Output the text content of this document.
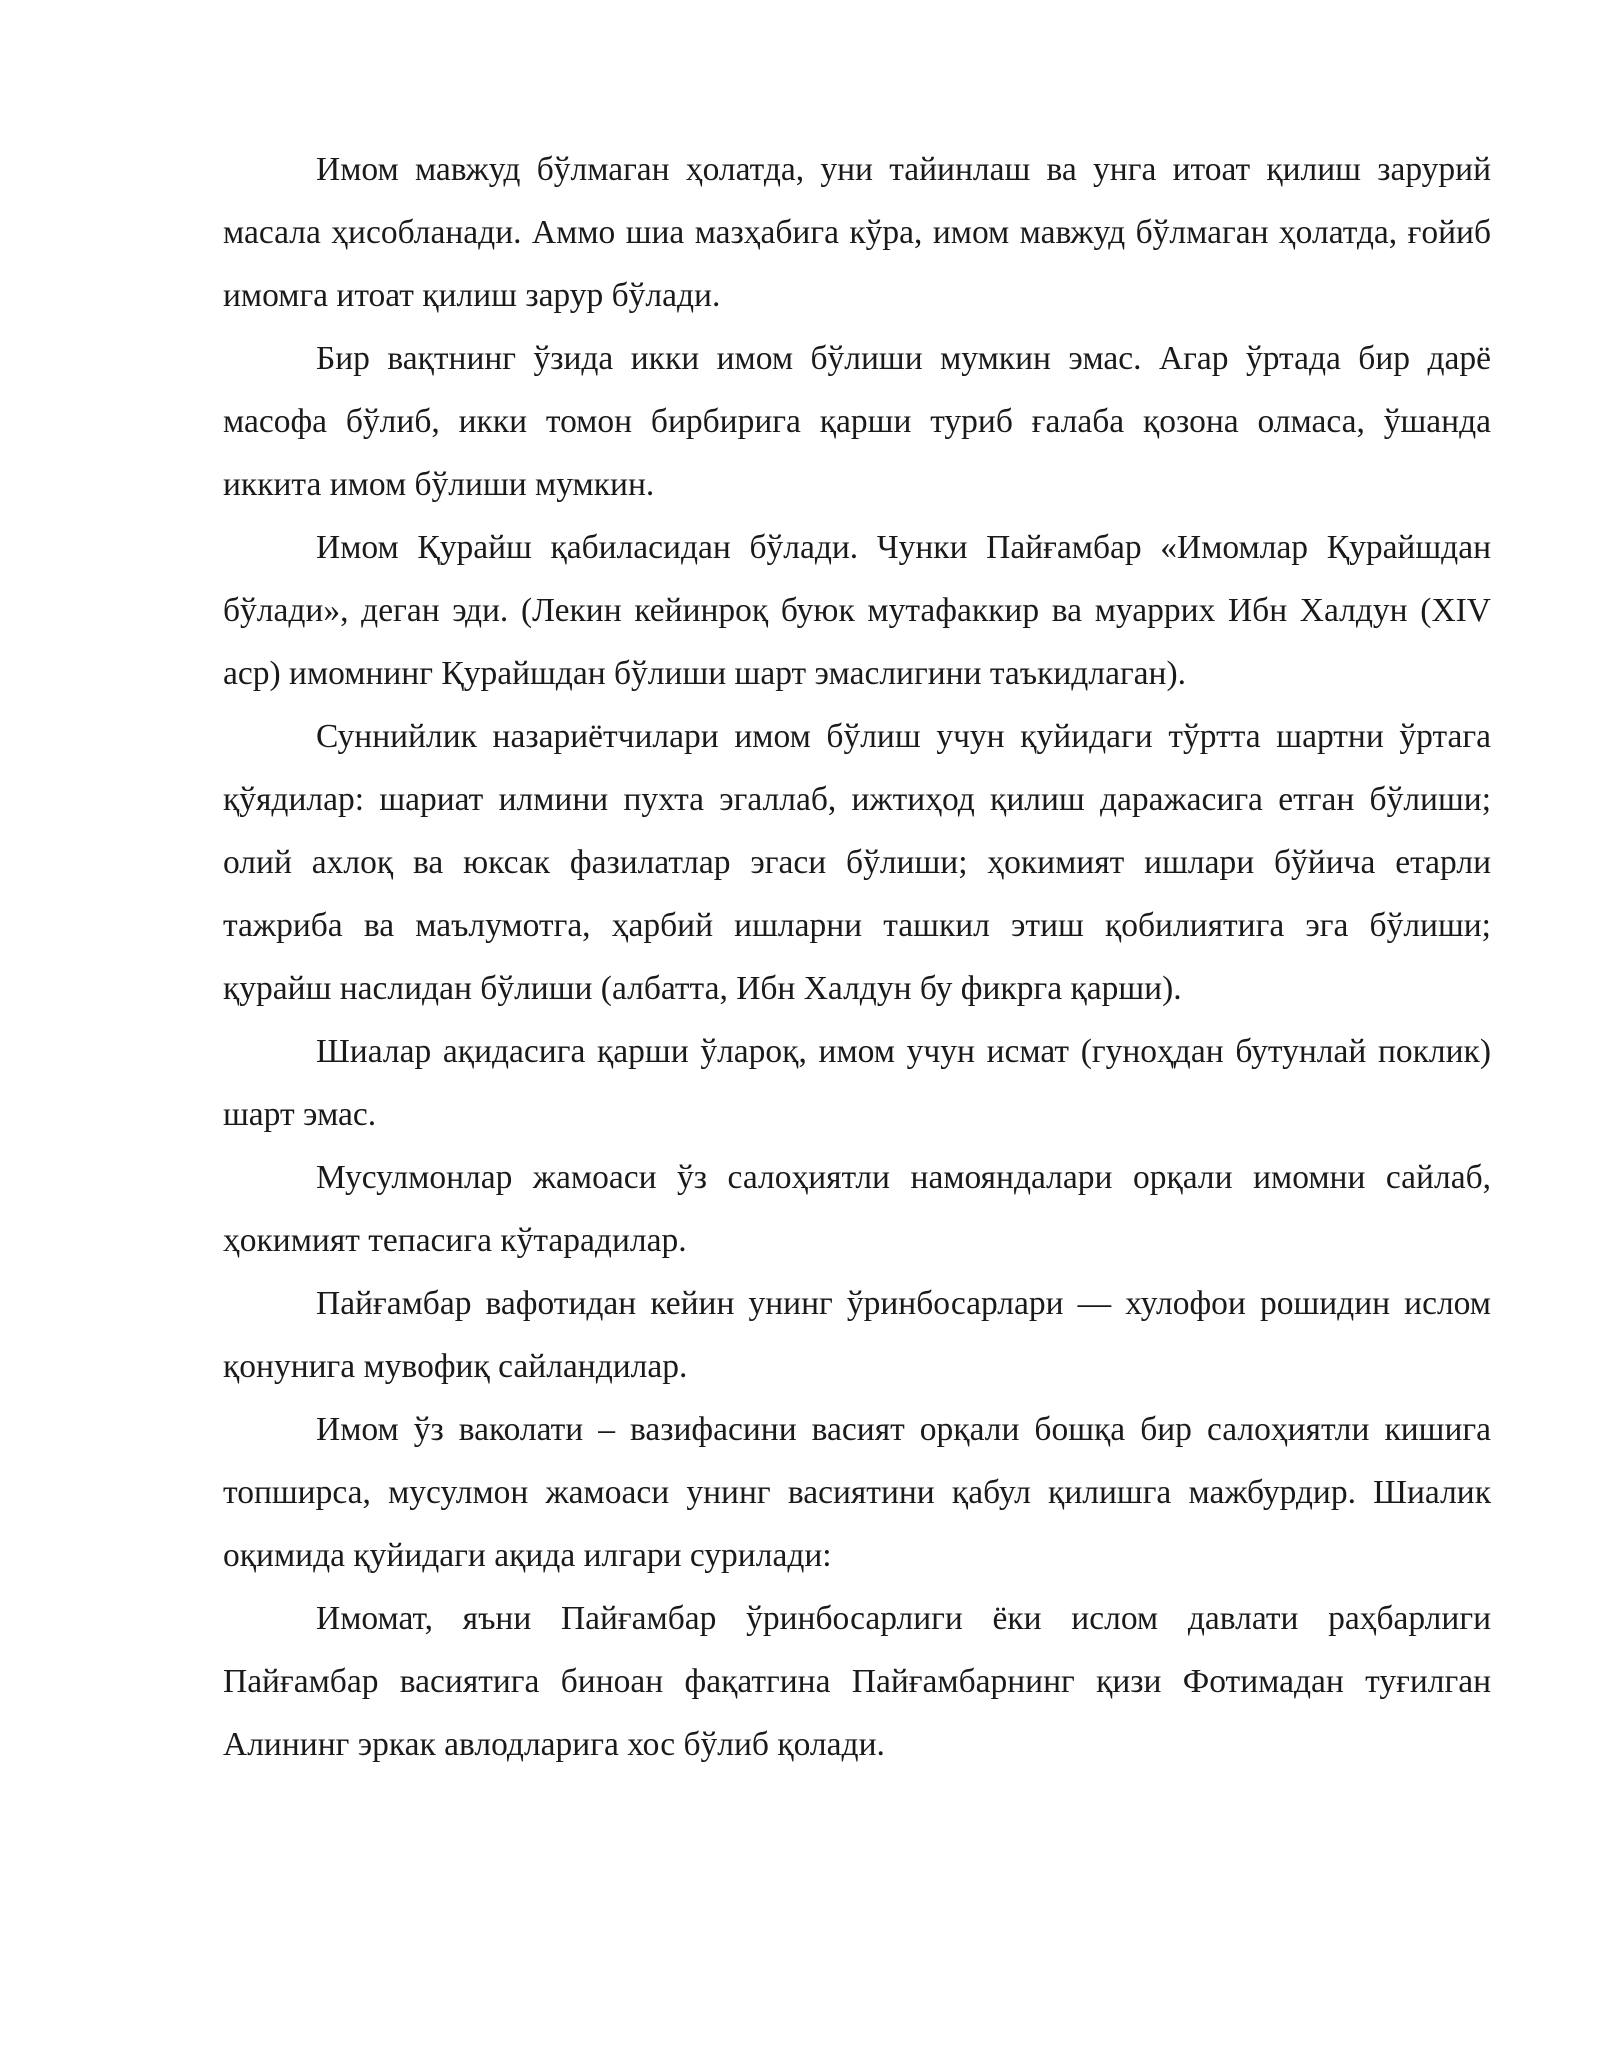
Имом мавжуд бўлмаган ҳолатда, уни тайинлаш ва унга итоат қилиш зарурий масала ҳисобланади. Аммо шиа мазҳабига кўра, имом мавжуд бўлмаган ҳолатда, ғойиб имомга итоат қилиш зарур бўлади.

Бир вақтнинг ўзида икки имом бўлиши мумкин эмас. Агар ўртада бир дарё масофа бўлиб, икки томон бирбирига қарши туриб ғалаба қозона олмаса, ўшанда иккита имом бўлиши мумкин.

Имом Қурайш қабиласидан бўлади. Чунки Пайғамбар «Имомлар Қурайшдан бўлади», деган эди. (Лекин кейинроқ буюк мутафаккир ва муаррих Ибн Халдун (XIV аср) имомнинг Қурайшдан бўлиши шарт эмаслигини таъкидлаган).

Суннийлик назариётчилари имом бўлиш учун қуйидаги тўртта шартни ўртага қўядилар: шариат илмини пухта эгаллаб, ижтиҳод қилиш даражасига етган бўлиши; олий ахлоқ ва юксак фазилатлар эгаси бўлиши; ҳокимият ишлари бўйича етарли тажриба ва маълумотга, ҳарбий ишларни ташкил этиш қобилиятига эга бўлиши;     қурайш наслидан бўлиши (албатта, Ибн Халдун бу фикрга қарши).

Шиалар ақидасига қарши ўлароқ, имом учун исмат (гуноҳдан бутунлай поклик) шарт эмас.

Мусулмонлар жамоаси ўз салоҳиятли намояндалари орқали имомни сайлаб, ҳокимият тепасига кўтарадилар.

Пайғамбар вафотидан кейин унинг ўринбосарлари — хулофои рошидин ислом қонунига мувофиқ сайландилар.

Имом ўз ваколати – вазифасини васият орқали бошқа бир салоҳиятли кишига топширса, мусулмон жамоаси унинг васиятини қабул қилишга мажбурдир. Шиалик оқимида қуйидаги ақида илгари сурилади:

Имомат, яъни Пайғамбар ўринбосарлиги ёки ислом давлати раҳбарлиги Пайғамбар васиятига биноан фақатгина Пайғамбарнинг қизи Фотимадан туғилган Алининг эркак авлодларига хос бўлиб қолади.
